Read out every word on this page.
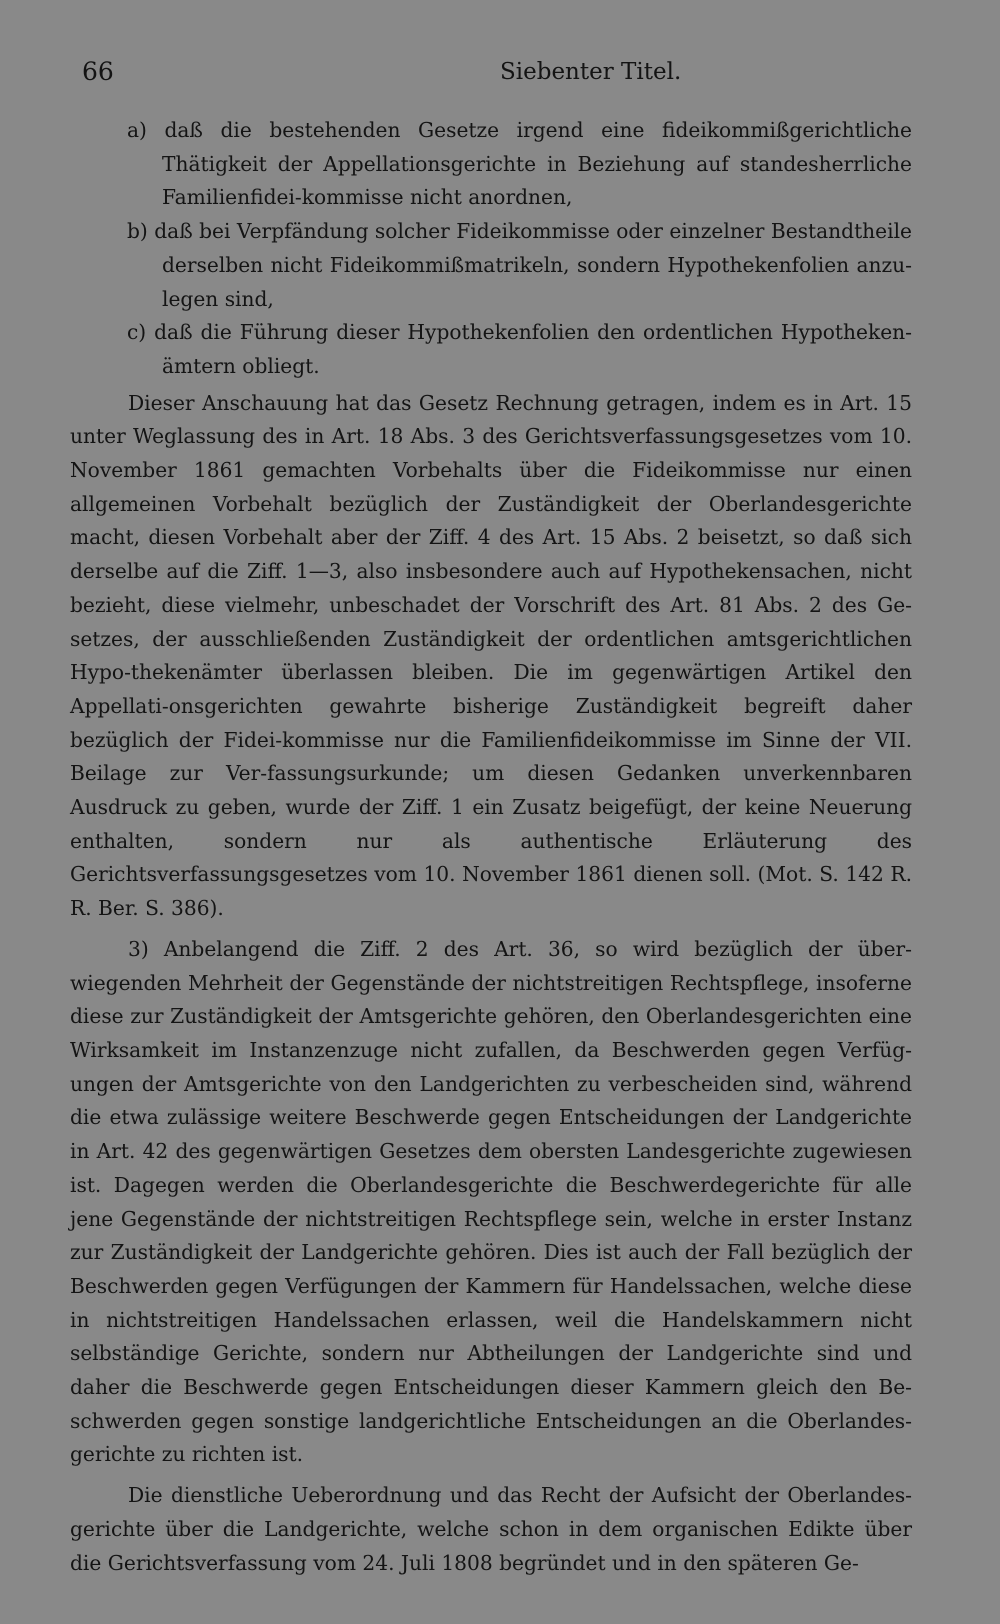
66	Siebenter Titel.

a) daß die bestehenden Gesetze irgend eine fideikommißgerichtliche Thätigkeit der Appellationsgerichte in Beziehung auf standesherrliche Familienfidei-kommisse nicht anordnen,

b) daß bei Verpfändung solcher Fideikommisse oder einzelner Bestandtheile derselben nicht Fideikommißmatrikeln, sondern Hypothekenfolien anzu-legen sind,

c) daß die Führung dieser Hypothekenfolien den ordentlichen Hypotheken-ämtern obliegt.

Dieser Anschauung hat das Gesetz Rechnung getragen, indem es in Art. 15 unter Weglassung des in Art. 18 Abs. 3 des Gerichtsverfassungsgesetzes vom 10. November 1861 gemachten Vorbehalts über die Fideikommisse nur einen allgemeinen Vorbehalt bezüglich der Zuständigkeit der Oberlandesgerichte macht, diesen Vorbehalt aber der Ziff. 4 des Art. 15 Abs. 2 beisetzt, so daß sich derselbe auf die Ziff. 1—3, also insbesondere auch auf Hypothekensachen, nicht bezieht, diese vielmehr, unbeschadet der Vorschrift des Art. 81 Abs. 2 des Ge-setzes, der ausschließenden Zuständigkeit der ordentlichen amtsgerichtlichen Hypo-thekenämter überlassen bleiben. Die im gegenwärtigen Artikel den Appellati-onsgerichten gewahrte bisherige Zuständigkeit begreift daher bezüglich der Fidei-kommisse nur die Familienfideikommisse im Sinne der VII. Beilage zur Ver-fassungsurkunde; um diesen Gedanken unverkennbaren Ausdruck zu geben, wurde der Ziff. 1 ein Zusatz beigefügt, der keine Neuerung enthalten, sondern nur als authentische Erläuterung des Gerichtsverfassungsgesetzes vom 10. November 1861 dienen soll. (Mot. S. 142 R. R. Ber. S. 386).

3) Anbelangend die Ziff. 2 des Art. 36, so wird bezüglich der über-wiegenden Mehrheit der Gegenstände der nichtstreitigen Rechtspflege, insoferne diese zur Zuständigkeit der Amtsgerichte gehören, den Oberlandesgerichten eine Wirksamkeit im Instanzenzuge nicht zufallen, da Beschwerden gegen Verfüg-ungen der Amtsgerichte von den Landgerichten zu verbescheiden sind, während die etwa zulässige weitere Beschwerde gegen Entscheidungen der Landgerichte in Art. 42 des gegenwärtigen Gesetzes dem obersten Landesgerichte zugewiesen ist. Dagegen werden die Oberlandesgerichte die Beschwerdegerichte für alle jene Gegenstände der nichtstreitigen Rechtspflege sein, welche in erster Instanz zur Zuständigkeit der Landgerichte gehören. Dies ist auch der Fall bezüglich der Beschwerden gegen Verfügungen der Kammern für Handelssachen, welche diese in nichtstreitigen Handelssachen erlassen, weil die Handelskammern nicht selbständige Gerichte, sondern nur Abtheilungen der Landgerichte sind und daher die Beschwerde gegen Entscheidungen dieser Kammern gleich den Be-schwerden gegen sonstige landgerichtliche Entscheidungen an die Oberlandes-gerichte zu richten ist.

Die dienstliche Ueberordnung und das Recht der Aufsicht der Oberlandes-gerichte über die Landgerichte, welche schon in dem organischen Edikte über die Gerichtsverfassung vom 24. Juli 1808 begründet und in den späteren Ge-
